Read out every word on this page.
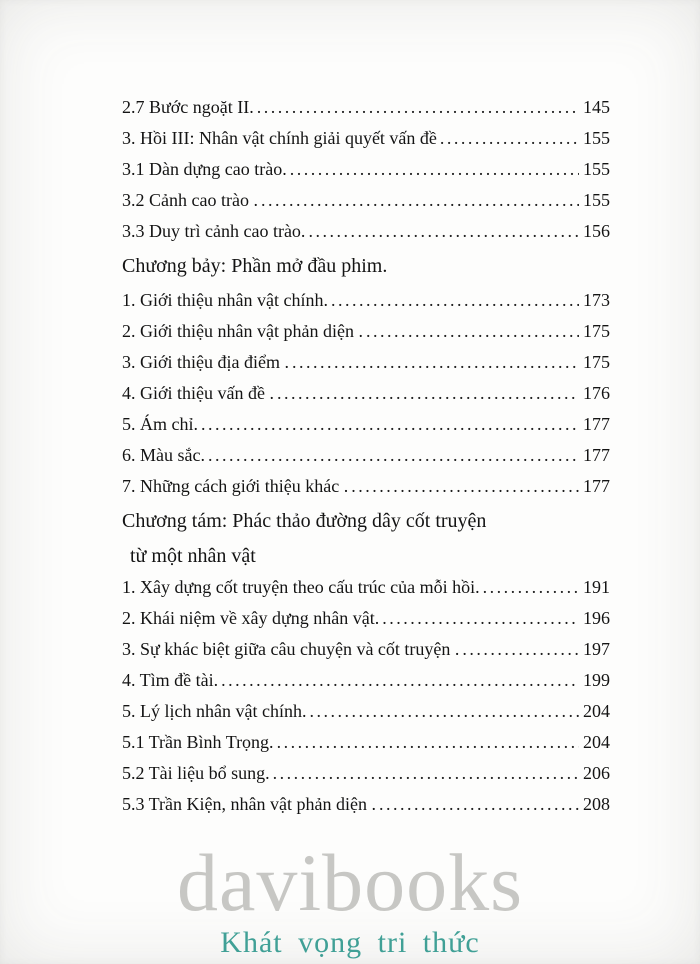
2.7 Bước ngoặt II. .....	145
3. Hồi III: Nhân vật chính giải quyết vấn đề .....	155
3.1 Dàn dựng cao trào. .....	155
3.2 Cảnh cao trào . .....	155
3.3 Duy trì cảnh cao trào. .....	156
Chương bảy: Phần mở đầu phim.
1. Giới thiệu nhân vật chính. .....	173
2. Giới thiệu nhân vật phản diện . .....	175
3. Giới thiệu địa điểm . .....	175
4. Giới thiệu vấn đề . .....	176
5. Ám chỉ. .....	177
6. Màu sắc. .....	177
7. Những cách giới thiệu khác . .....	177
Chương tám: Phác thảo đường dây cốt truyện
từ một nhân vật
1. Xây dựng cốt truyện theo cấu trúc của mỗi hồi. .....	191
2. Khái niệm về xây dựng nhân vật. .....	196
3. Sự khác biệt giữa câu chuyện và cốt truyện . .....	197
4. Tìm đề tài. .....	199
5. Lý lịch nhân vật chính. .....	204
5.1 Trần Bình Trọng. .....	204
5.2 Tài liệu bổ sung. .....	206
5.3 Trần Kiện, nhân vật phản diện . .....	208
davibooks
Khát vọng tri thức
